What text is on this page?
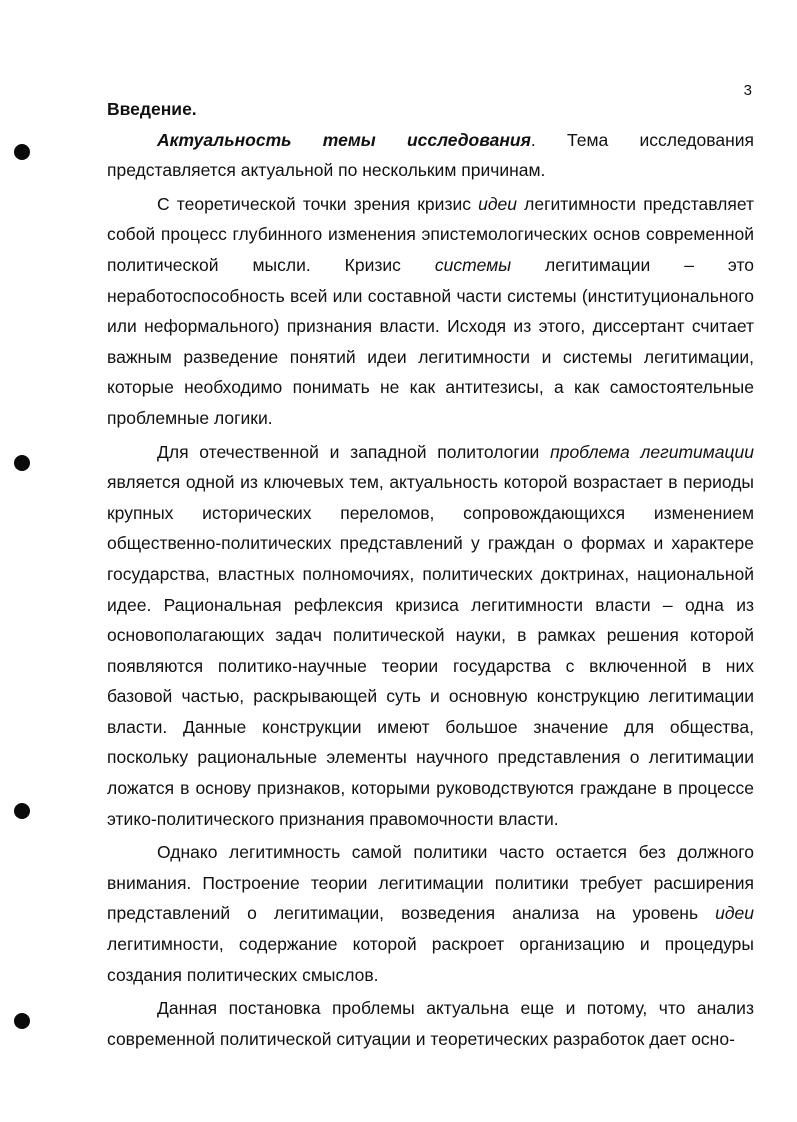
3

Введение.

Актуальность темы исследования. Тема исследования представляется актуальной по нескольким причинам.

С теоретической точки зрения кризис идеи легитимности представляет собой процесс глубинного изменения эпистемологических основ современной политической мысли. Кризис системы легитимации – это неработоспособность всей или составной части системы (институционального или неформального) признания власти. Исходя из этого, диссертант считает важным разведение понятий идеи легитимности и системы легитимации, которые необходимо понимать не как антитезисы, а как самостоятельные проблемные логики.

Для отечественной и западной политологии проблема легитимации является одной из ключевых тем, актуальность которой возрастает в периоды крупных исторических переломов, сопровождающихся изменением общественно-политических представлений у граждан о формах и характере государства, властных полномочиях, политических доктринах, национальной идее. Рациональная рефлексия кризиса легитимности власти – одна из основополагающих задач политической науки, в рамках решения которой появляются политико-научные теории государства с включенной в них базовой частью, раскрывающей суть и основную конструкцию легитимации власти. Данные конструкции имеют большое значение для общества, поскольку рациональные элементы научного представления о легитимации ложатся в основу признаков, которыми руководствуются граждане в процессе этико-политического признания правомочности власти.

Однако легитимность самой политики часто остается без должного внимания. Построение теории легитимации политики требует расширения представлений о легитимации, возведения анализа на уровень идеи легитимности, содержание которой раскроет организацию и процедуры создания политических смыслов.

Данная постановка проблемы актуальна еще и потому, что анализ современной политической ситуации и теоретических разработок дает осно-
